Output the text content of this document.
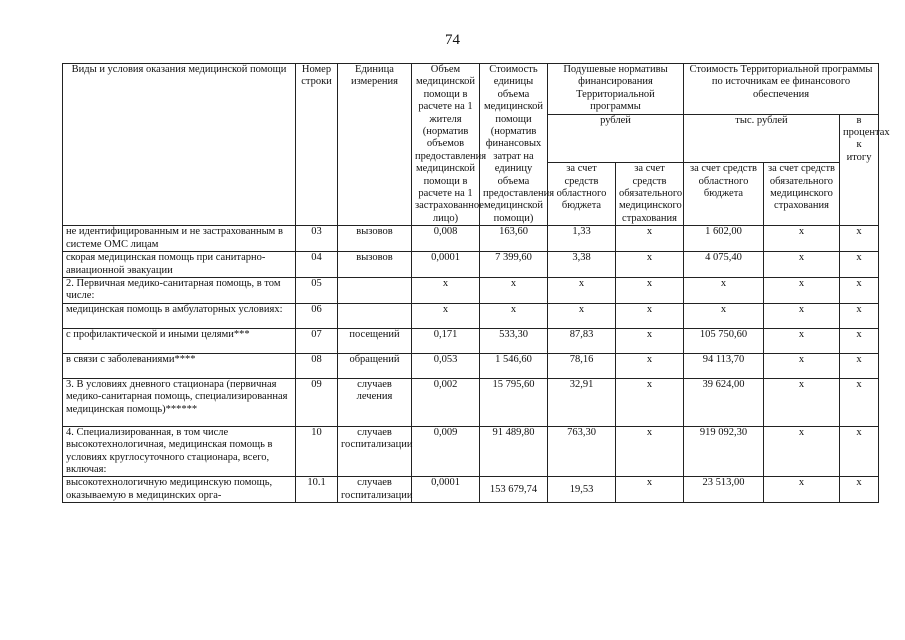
74
Виды и условия оказания медицинской помощи	Номер строки	Единица измерения	Объем медицинской помощи в расчете на 1 жителя (норматив объемов предоставления медицинской помощи в расчете на 1 застрахованное лицо)	Стоимость единицы объема медицинской помощи (норматив финансовых затрат на единицу объема предоставления медицинской помощи)	Подушевые нормативы финансирования Территориальной программы		Стоимость Территориальной программы по источникам ее финансового обеспечения		
					рублей		тыс. рублей		в процентах к итогу
					за счет средств областного бюджета	за счет средств обязательного медицинского страхования	за счет средств областного бюджета	за счет средств обязательного медицинского страхования	
не идентифицированным и не застрахованным в системе ОМС лицам	03	вызовов	0,008	163,60	1,33	x	1 602,00	x	x
скорая медицинская помощь при санитарно-авиационной эвакуации	04	вызовов	0,0001	7 399,60	3,38	x	4 075,40	x	x
2. Первичная медико-санитарная помощь, в том числе:	05		x	x	x	x	x	x	x
медицинская помощь в амбулаторных условиях:	06		x	x	x	x	x	x	x
с профилактической и иными целями***	07	посещений	0,171	533,30	87,83	x	105 750,60	x	x
в связи с заболеваниями****	08	обращений	0,053	1 546,60	78,16	x	94 113,70	x	x
3. В условиях дневного стационара (первичная медико-санитарная помощь, специализированная медицинская помощь)******	09	случаев лечения	0,002	15 795,60	32,91	x	39 624,00	x	x
4. Специализированная, в том числе высокотехнологичная, медицинская помощь в условиях круглосуточного стационара, всего, включая:	10	случаев госпитализации	0,009	91 489,80	763,30	x	919 092,30	x	x
высокотехнологичную медицинскую помощь, оказываемую в медицинских орга-	10.1	случаев госпитализации	0,0001	153 679,74	19,53	x	23 513,00	x	x
